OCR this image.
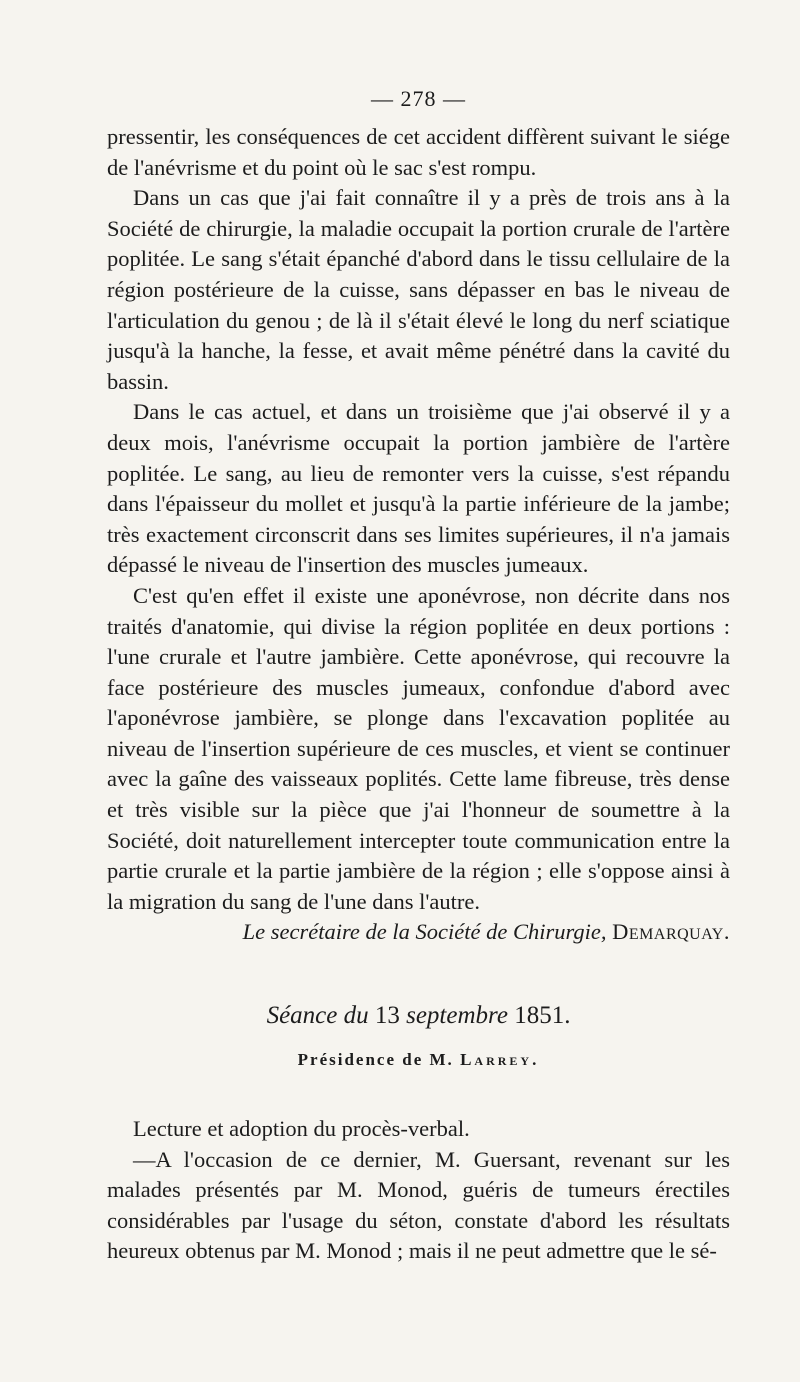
— 278 —

pressentir, les conséquences de cet accident diffèrent suivant le siége de l'anévrisme et du point où le sac s'est rompu.

Dans un cas que j'ai fait connaître il y a près de trois ans à la Société de chirurgie, la maladie occupait la portion crurale de l'artère poplitée. Le sang s'était épanché d'abord dans le tissu cellulaire de la région postérieure de la cuisse, sans dépasser en bas le niveau de l'articulation du genou ; de là il s'était élevé le long du nerf sciatique jusqu'à la hanche, la fesse, et avait même pénétré dans la cavité du bassin.

Dans le cas actuel, et dans un troisième que j'ai observé il y a deux mois, l'anévrisme occupait la portion jambière de l'artère poplitée. Le sang, au lieu de remonter vers la cuisse, s'est répandu dans l'épaisseur du mollet et jusqu'à la partie inférieure de la jambe; très exactement circonscrit dans ses limites supérieures, il n'a jamais dépassé le niveau de l'insertion des muscles jumeaux.

C'est qu'en effet il existe une aponévrose, non décrite dans nos traités d'anatomie, qui divise la région poplitée en deux portions : l'une crurale et l'autre jambière. Cette aponévrose, qui recouvre la face postérieure des muscles jumeaux, confondue d'abord avec l'aponévrose jambière, se plonge dans l'excavation poplitée au niveau de l'insertion supérieure de ces muscles, et vient se continuer avec la gaîne des vaisseaux poplités. Cette lame fibreuse, très dense et très visible sur la pièce que j'ai l'honneur de soumettre à la Société, doit naturellement intercepter toute communication entre la partie crurale et la partie jambière de la région ; elle s'oppose ainsi à la migration du sang de l'une dans l'autre.

Le secrétaire de la Société de Chirurgie, Demarquay.
Séance du 13 septembre 1851.
Présidence de M. Larrey.

Lecture et adoption du procès-verbal.

—A l'occasion de ce dernier, M. Guersant, revenant sur les malades présentés par M. Monod, guéris de tumeurs érectiles considérables par l'usage du séton, constate d'abord les résultats heureux obtenus par M. Monod ; mais il ne peut admettre que le sé-
